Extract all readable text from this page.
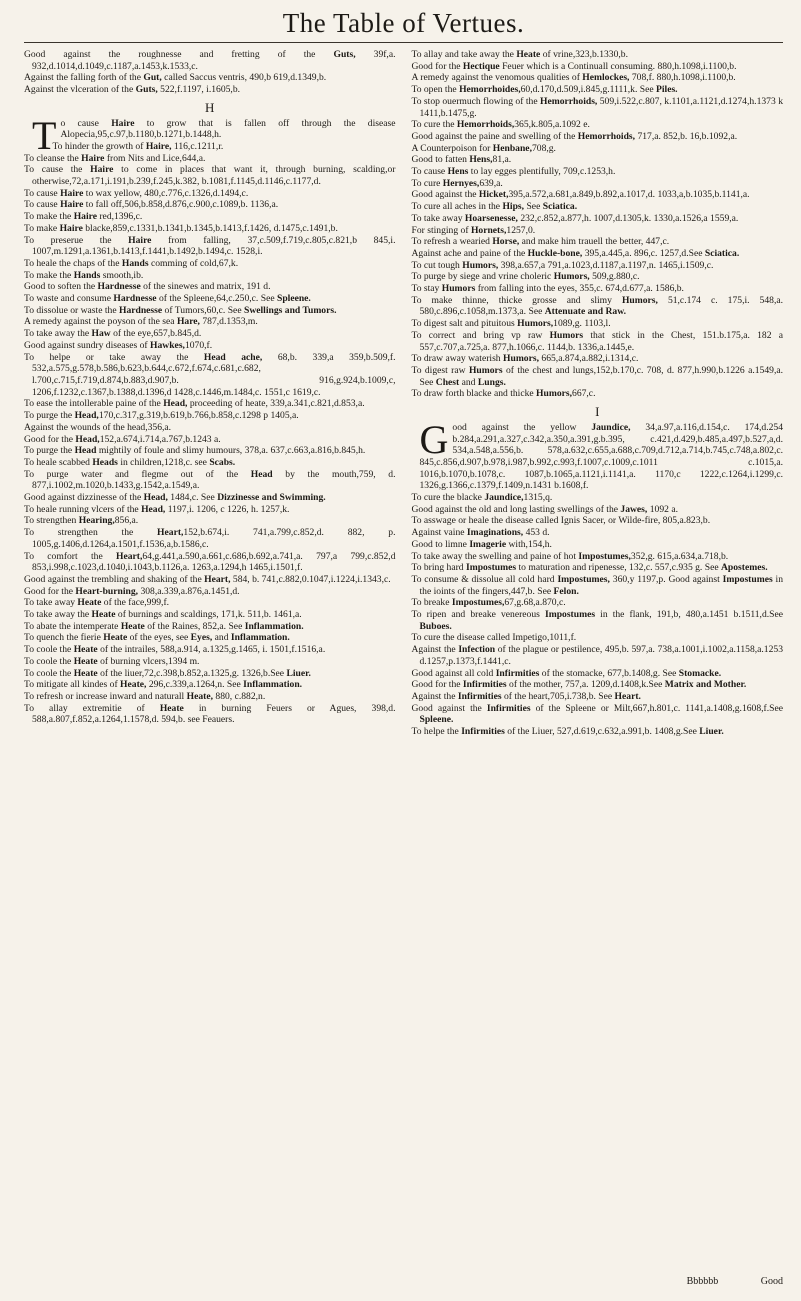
The Table of Vertues.
Good against the roughnesse and fretting of the Guts, 39f,a. 932,d.1014,d.1049,c.1187,a.1453,k.1533,c.
Against the falling forth of the Gut, called Saccus ventris, 490,b 619,d.1349,b.
Against the vlceration of the Guts, 522,f.1197, i.1605,b.
H
To cause Haire to grow that is fallen off through the disease Alopecia,95,c.97,b.1180,b.1271,b.1448,h.
To hinder the growth of Haire, 116,c.1211,r.
To cleanse the Haire from Nits and Lice,644,a.
To cause the Haire to come in places that want it, through burning, scalding,or otherwise,72,a.171,i.191,b.239,f.245,k.382, b.1081,f.1145,d.1146,c.1177,d.
To cause Haire to wax yellow, 480,c.776,c.1326,d.1494,c.
To cause Haire to fall off,506,b.858,d.876,c.900,c.1089,b. 1136,a.
To make the Haire red,1396,c.
To make Haire blacke,859,c.1331,b.1341,b.1345,b.1413,f.1426, d.1475,c.1491,b.
To preserue the Haire from falling, 37,c.509,f.719,c.805,c.821,b 845,i. 1007,m.1291,a.1361,b.1413,f.1441,b.1492,b.1494,c. 1528,i.
To heale the chaps of the Hands comming of cold,67,k.
To make the Hands smooth,ib.
Good to soften the Hardnesse of the sinewes and matrix, 191 d.
To waste and consume Hardnesse of the Spleene,64,c.250,c. See Spleene.
To dissolue or waste the Hardnesse of Tumors,60,c. See Swellings and Tumors.
A remedy against the poyson of the sea Hare, 787,d.1353,m.
To take away the Haw of the eye,657,b.845,d.
Good against sundry diseases of Hawkes,1070,f.
To helpe or take away the Head ache, 68,b. 339,a 359,b.509,f. 532,a.575,g.578,b.586,b.623,b.644,c.672,f.674,c.681,c.682, l.700,c.715,f.719,d.874,b.883,d.907,b. 916,g.924,b.1009,c, 1206,f.1232,c.1367,b.1388,d.1396,d 1428,c.1446,m.1484,c. 1551,c 1619,c.
To ease the intollerable paine of the Head, proceeding of heate, 339,a.341,c.821,d.853,a.
To purge the Head,170,c.317,g.319,b.619,b.766,b.858,c.1298 p 1405,a.
Against the wounds of the head,356,a.
Good for the Head,152,a.674,i.714,a.767,b.1243 a.
To purge the Head mightily of foule and slimy humours, 378,a. 637,c.663,a.816,b.845,h.
To heale scabbed Heads in children,1218,c. see Scabs.
To purge water and flegme out of the Head by the mouth,759, d. 877,i.1002,m.1020,b.1433,g.1542,a.1549,a.
Good against dizzinesse of the Head, 1484,c. See Dizzinesse and Swimming.
To heale running vlcers of the Head, 1197,i. 1206, c 1226, h. 1257,k.
To strengthen Hearing,856,a.
To strengthen the Heart,152,b.674,i. 741,a.799,c.852,d. 882, p. 1005,g.1406,d.1264,a.1501,f.1536,a,b.1586,c.
To comfort the Heart,64,g.441,a.590,a.661,c.686,b.692,a.741,a. 797,a 799,c.852,d 853,i.998,c.1023,d.1040,i.1043,b.1126,a. 1263,a.1294,h 1465,i.1501,f.
Good against the trembling and shaking of the Heart, 584, b. 741,c.882,0.1047,i.1224,i.1343,c.
Good for the Heart-burning, 308,a.339,a.876,a.1451,d.
To take away Heate of the face,999,f.
To take away the Heate of burnings and scaldings, 171,k. 511,b. 1461,a.
To abate the intemperate Heate of the Raines, 852,a. See Inflammation.
To quench the fierie Heate of the eyes, see Eyes, and Inflammation.
To coole the Heate of the intrailes, 588,a.914, a.1325,g.1465, i. 1501,f.1516,a.
To coole the Heate of burning vlcers,1394 m.
To coole the Heate of the liuer,72,c.398,b.852,a.1325,g. 1326,b.See Liuer.
To mitigate all kindes of Heate, 296,c.339,a.1264,n. See Inflammation.
To refresh or increase inward and naturall Heate, 880, c.882,n.
To allay extremitie of Heate in burning Feuers or Agues, 398,d. 588,a.807,f.852,a.1264,1.1578,d. 594,b. see Feauers.
To allay and take away the Heate of vrine,323,b.1330,b.
Good for the Hectique Feuer which is a Continuall consuming. 880,h.1098,i.1100,b.
A remedy against the venomous qualities of Hemlockes, 708,f. 880,h.1098,i.1100,b.
To open the Hemorrhoides,60,d.170,d.509,i.845,g.1111,k. See Piles.
To stop ouermuch flowing of the Hemorrhoids, 509,i.522,c.807, k.1101,a.1121,d.1274,h.1373 k 1411,b.1475,g.
To cure the Hemorrhoids,365,k.805,a.1092 e.
Good against the paine and swelling of the Hemorrhoids, 717,a. 852,b. 16,b.1092,a.
A Counterpoison for Henbane,708,g.
Good to fatten Hens,81,a.
To cause Hens to lay egges plentifully, 709,c.1253,h.
To cure Hernyes,639,a.
Good against the Hicket,395,a.572,a.681,a.849,b.892,a.1017,d. 1033,a,b.1035,b.1141,a.
To cure all aches in the Hips, See Sciatica.
To take away Hoarsenesse, 232,c.852,a.877,h. 1007,d.1305,k. 1330,a.1526,a 1559,a.
For stinging of Hornets,1257,0.
To refresh a wearied Horse, and make him trauell the better, 447,c.
Against ache and paine of the Huckle-bone, 395,a.445,a. 896,c. 1257,d.See Sciatica.
To cut tough Humors, 398,a.657,a 791,a.1023,d.1187,a.1197,n. 1465,i.1509,c.
To purge by siege and vrine choleric Humors, 509,g.880,c.
To stay Humors from falling into the eyes, 355,c. 674,d.677,a. 1586,b.
To make thinne, thicke grosse and slimy Humors, 51,c.174 c. 175,i. 548,a. 580,c.896,c.1058,m.1373,a. See Attenuate and Raw.
To digest salt and pituitous Humors,1089,g. 1103,l.
To correct and bring vp raw Humors that stick in the Chest, 151.b.175,a. 182 a 557,c.707,a.725,a. 877,h.1066,c. 1144,b. 1336,a.1445,e.
To draw away waterish Humors, 665,a.874,a.882,i.1314,c.
To digest raw Humors of the chest and lungs,152,b.170,c. 708, d. 877,h.990,b.1226 a.1549,a. See Chest and Lungs.
To draw forth blacke and thicke Humors,667,c.
I
Good against the yellow Jaundice, 34,a.97,a.116,d.154,c. 174,d.254 b.284,a.291,a.327,c.342,a.350,a.391,g.b.395, c.421,d.429,b.485,a.497,b.527,a,d. 534,a.548,a.556,b. 578,a.632,c.655,a.688,c.709,d.712,a.714,b.745,c.748,a.802,c. 845,c.856,d.907,b.978,i.987,b.992,c.993,f.1007,c.1009,c.1011 c.1015,a. 1016,b.1070,b.1078,c. 1087,b.1065,a.1121,i.1141,a. 1170,c 1222,c.1264,i.1299,c. 1326,g.1366,c.1379,f.1409,n.1431 b.1608,f.
To cure the blacke Jaundice,1315,q.
Good against the old and long lasting swellings of the Jawes, 1092 a.
To asswage or heale the disease called Ignis Sacer, or Wilde-fire, 805,a.823,b.
Against vaine Imaginations, 453 d.
Good to limne Imagerie with,154,h.
To take away the swelling and paine of hot Impostumes,352,g. 615,a.634,a.718,b.
To bring hard Impostumes to maturation and ripenesse, 132,c. 557,c.935 g. See Apostemes.
To consume & dissolue all cold hard Impostumes, 360,y 1197,p. Good against Impostumes in the ioints of the fingers,447,b. See Felon.
To breake Impostumes,67,g.68,a.870,c.
To ripen and breake venereous Impostumes in the flank, 191,b, 480,a.1451 b.1511,d.See Buboes.
To cure the disease called Impetigo,1011,f.
Against the Infection of the plague or pestilence, 495,b. 597,a. 738,a.1001,i.1002,a.1158,a.1253 d.1257,p.1373,f.1441,c.
Good against all cold Infirmities of the stomacke, 677,b.1408,g. See Stomacke.
Good for the Infirmities of the mother, 757,a. 1209,d.1408,k.See Matrix and Mother.
Against the Infirmities of the heart,705,i.738,b. See Heart.
Good against the Infirmities of the Spleene or Milt,667,h.801,c. 1141,a.1408,g.1608,f.See Spleene.
To helpe the Infirmities of the Liuer, 527,d.619,c.632,a.991,b. 1408,g.See Liuer.
Bbbbbb	Good
